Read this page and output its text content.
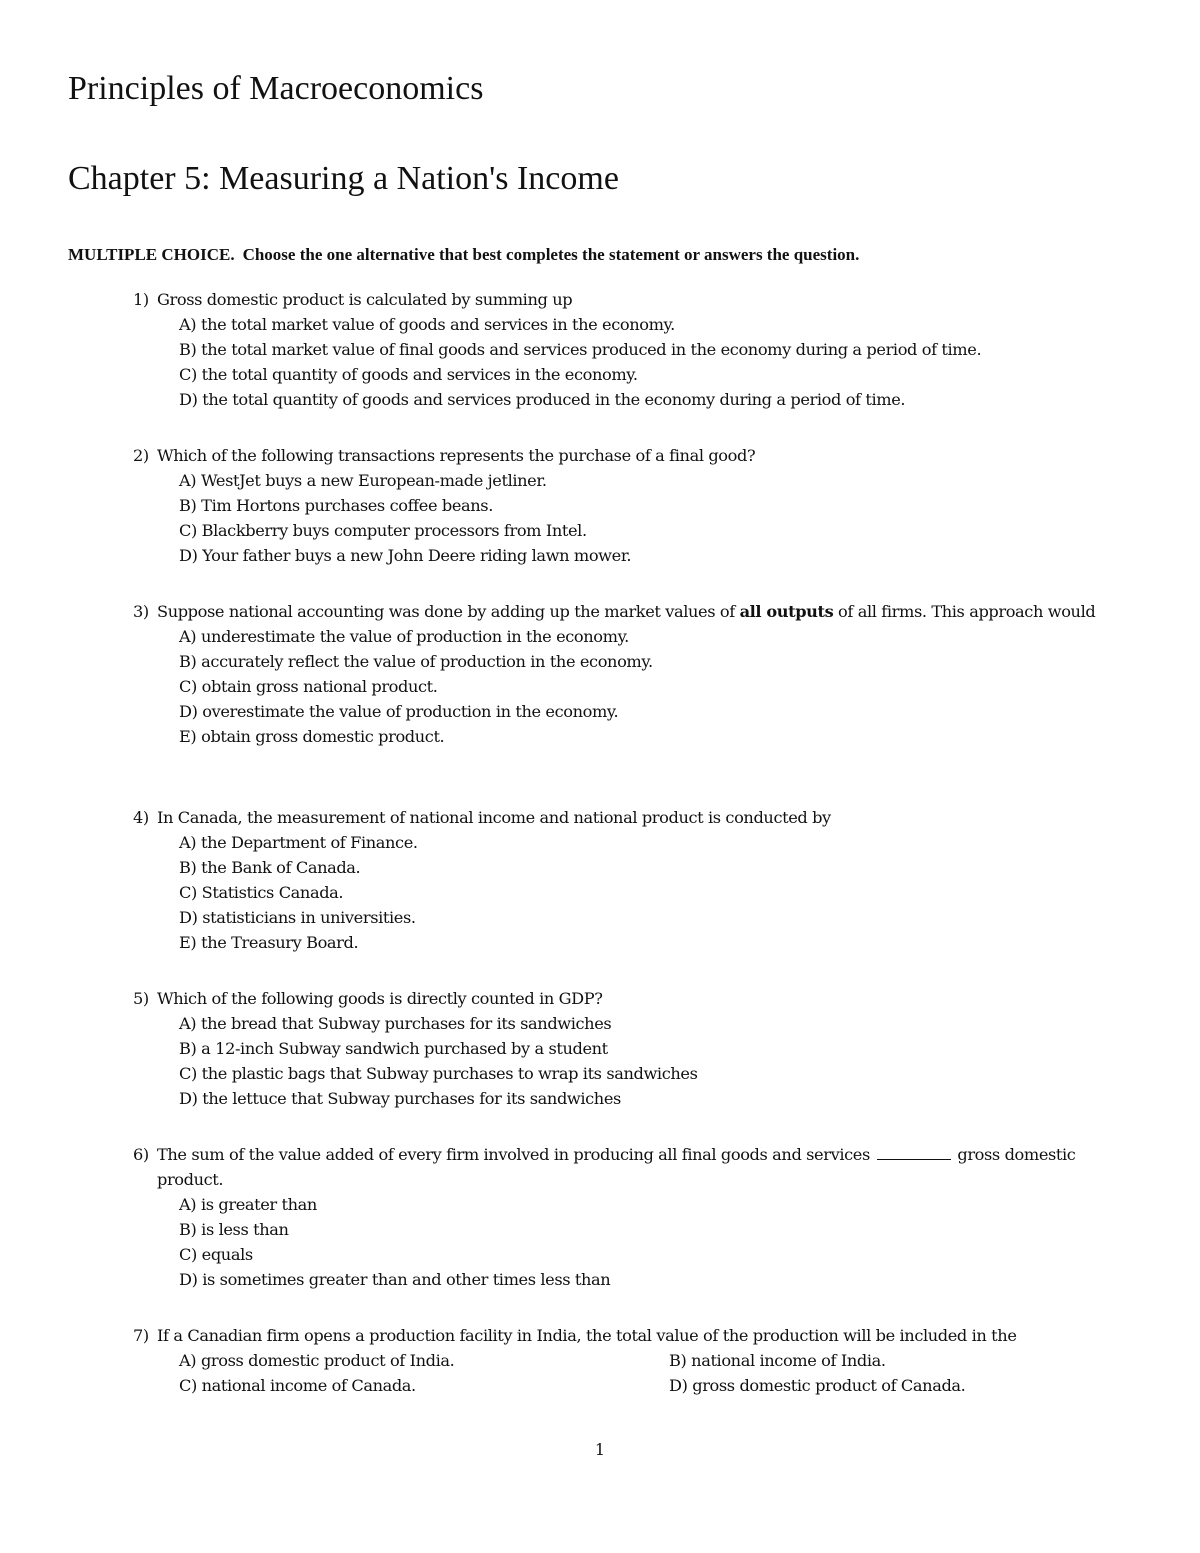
Principles of Macroeconomics
Chapter 5: Measuring a Nation's Income
MULTIPLE CHOICE. Choose the one alternative that best completes the statement or answers the question.
1) Gross domestic product is calculated by summing up
A) the total market value of goods and services in the economy.
B) the total market value of final goods and services produced in the economy during a period of time.
C) the total quantity of goods and services in the economy.
D) the total quantity of goods and services produced in the economy during a period of time.
2) Which of the following transactions represents the purchase of a final good?
A) WestJet buys a new European-made jetliner.
B) Tim Hortons purchases coffee beans.
C) Blackberry buys computer processors from Intel.
D) Your father buys a new John Deere riding lawn mower.
3) Suppose national accounting was done by adding up the market values of all outputs of all firms. This approach would
A) underestimate the value of production in the economy.
B) accurately reflect the value of production in the economy.
C) obtain gross national product.
D) overestimate the value of production in the economy.
E) obtain gross domestic product.
4) In Canada, the measurement of national income and national product is conducted by
A) the Department of Finance.
B) the Bank of Canada.
C) Statistics Canada.
D) statisticians in universities.
E) the Treasury Board.
5) Which of the following goods is directly counted in GDP?
A) the bread that Subway purchases for its sandwiches
B) a 12-inch Subway sandwich purchased by a student
C) the plastic bags that Subway purchases to wrap its sandwiches
D) the lettuce that Subway purchases for its sandwiches
6) The sum of the value added of every firm involved in producing all final goods and services	gross domestic product.
A) is greater than
B) is less than
C) equals
D) is sometimes greater than and other times less than
7) If a Canadian firm opens a production facility in India, the total value of the production will be included in the
A) gross domestic product of India.	B) national income of India.
C) national income of Canada.	D) gross domestic product of Canada.
1
